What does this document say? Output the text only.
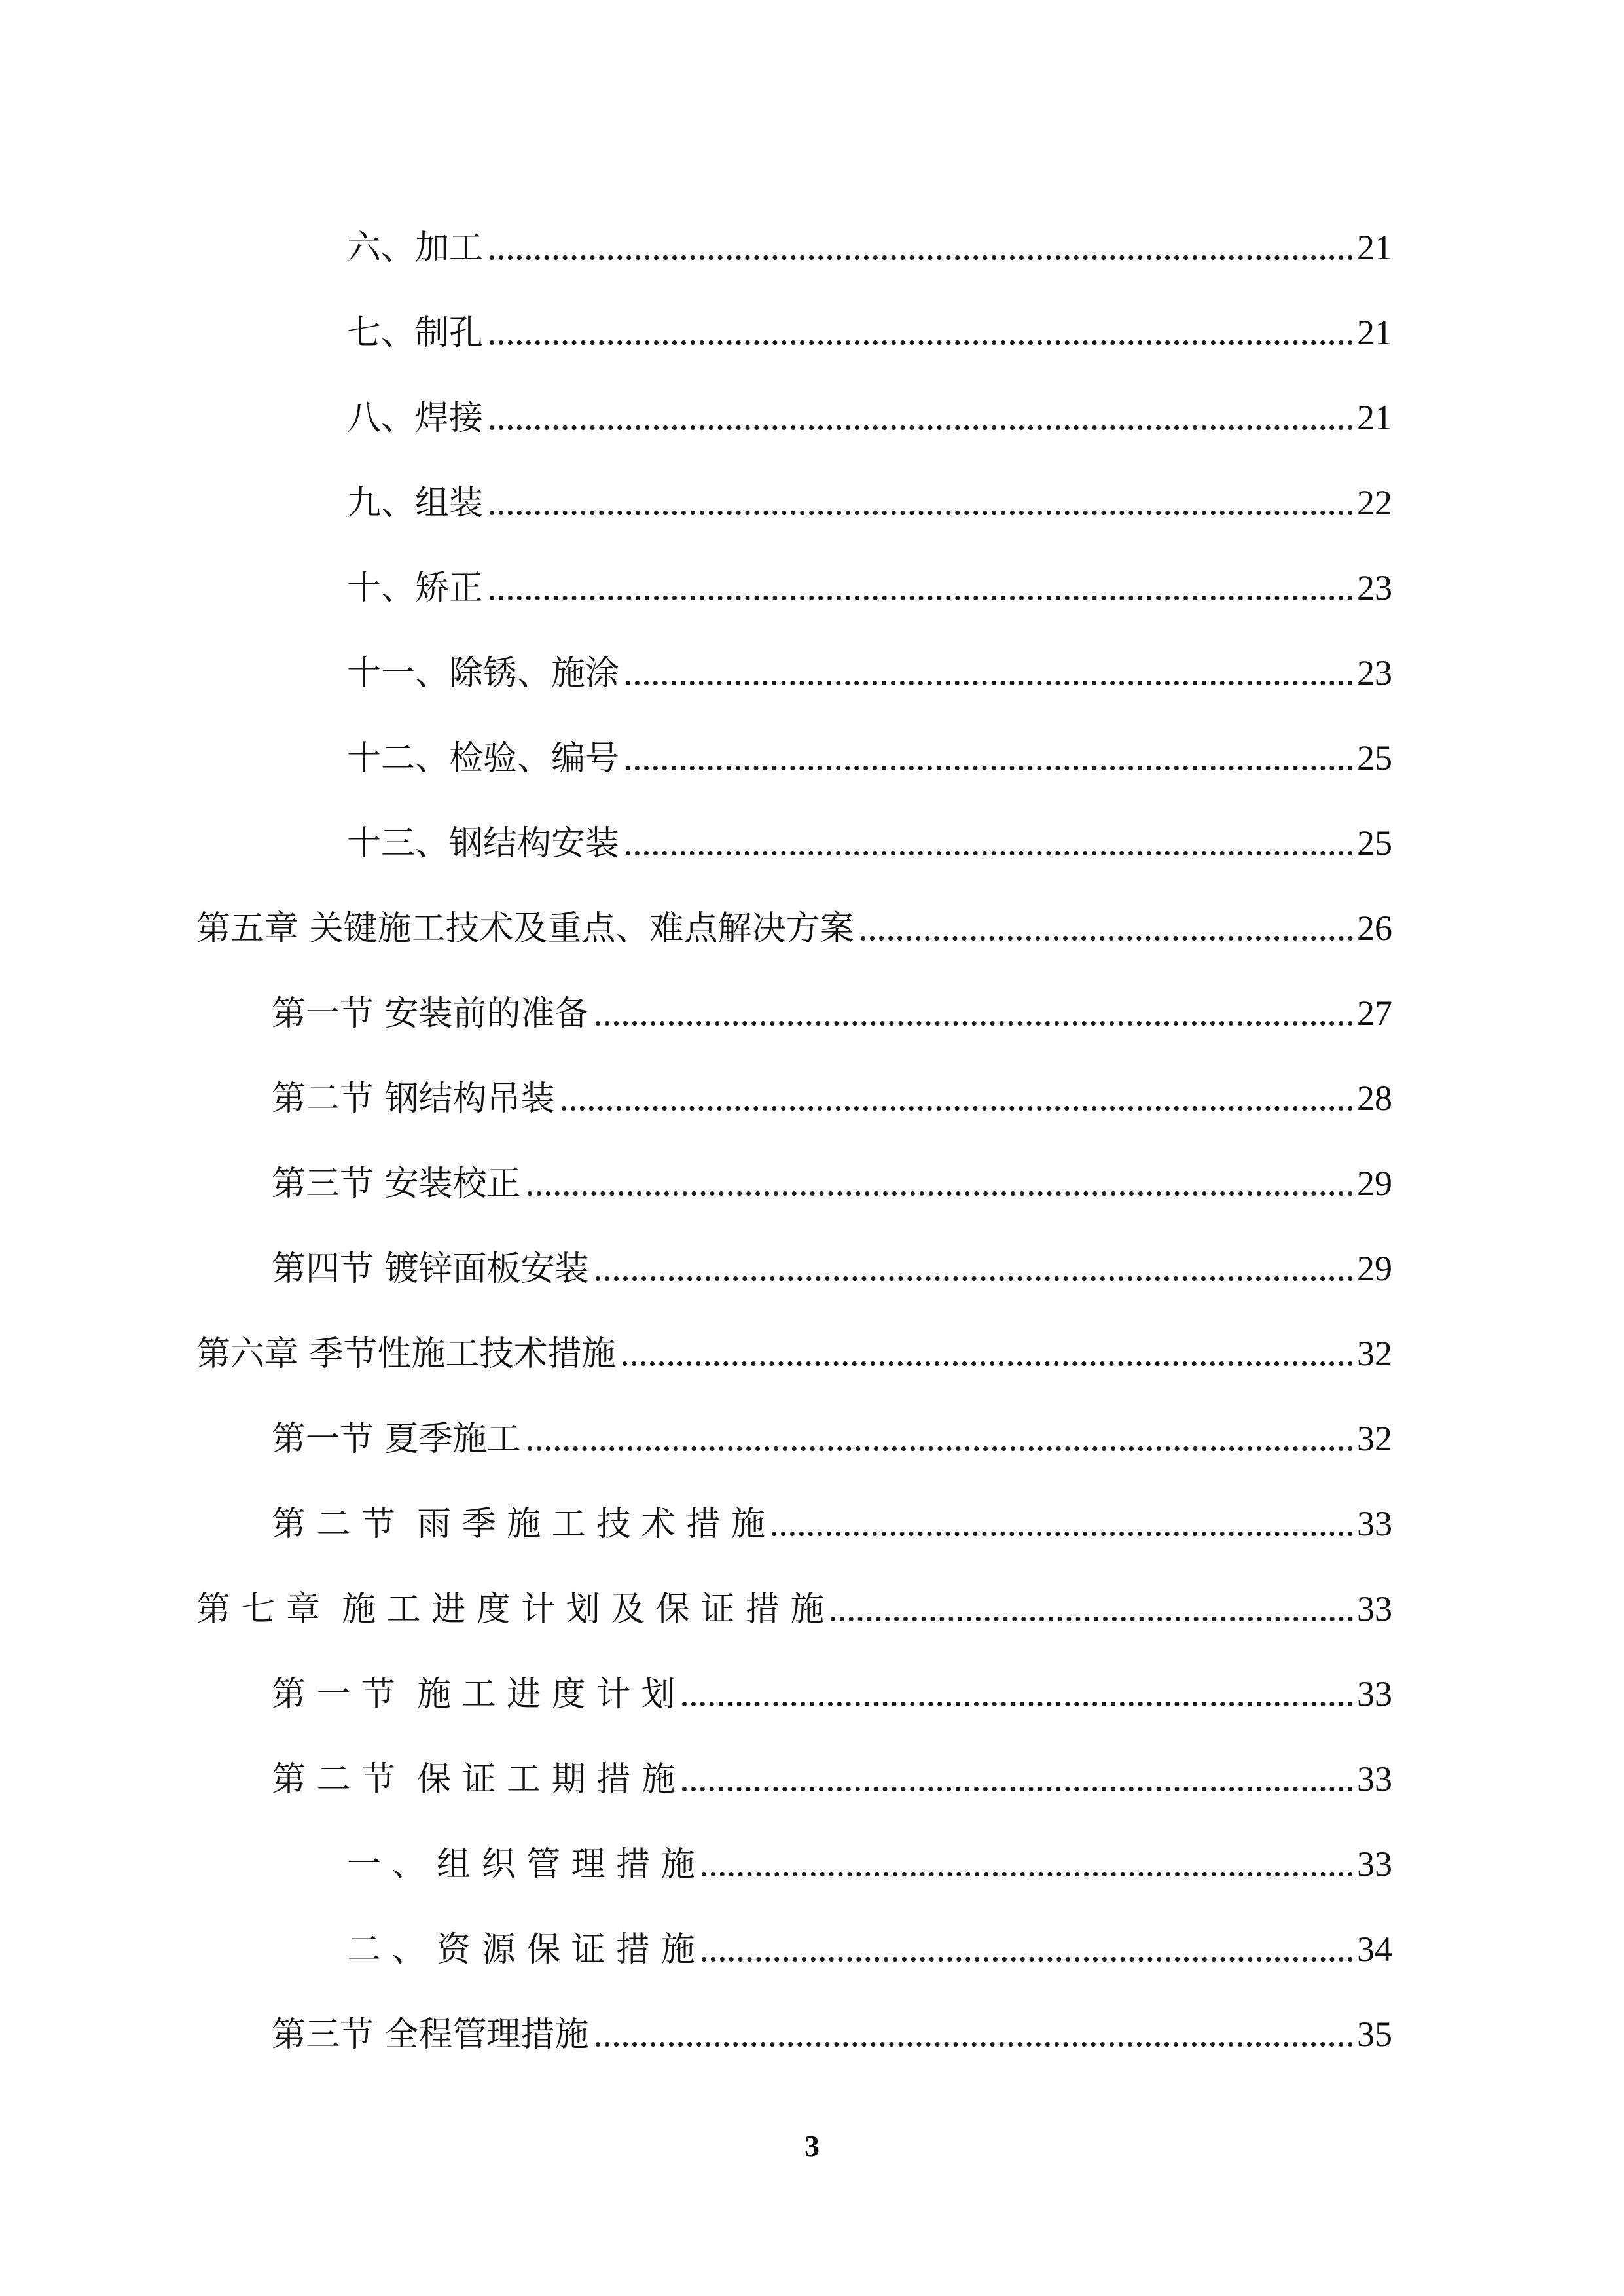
六、加工	21
七、制孔	21
八、焊接	21
九、组装	22
十、矫正	23
十一、除锈、施涂	23
十二、检验、编号	25
十三、钢结构安装	25
第五章 关键施工技术及重点、难点解决方案	26
第一节 安装前的准备	27
第二节 钢结构吊装	28
第三节 安装校正	29
第四节 镀锌面板安装	29
第六章 季节性施工技术措施	32
第一节 夏季施工	32
第 二 节  雨 季 施 工 技 术 措 施	33
第 七 章  施 工 进 度 计 划 及 保 证 措 施	33
第 一 节  施 工 进 度 计 划	33
第 二 节  保 证 工 期 措 施	33
一 、 组 织 管 理 措 施	33
二 、 资 源 保 证 措 施	34
第三节 全程管理措施	35
3
